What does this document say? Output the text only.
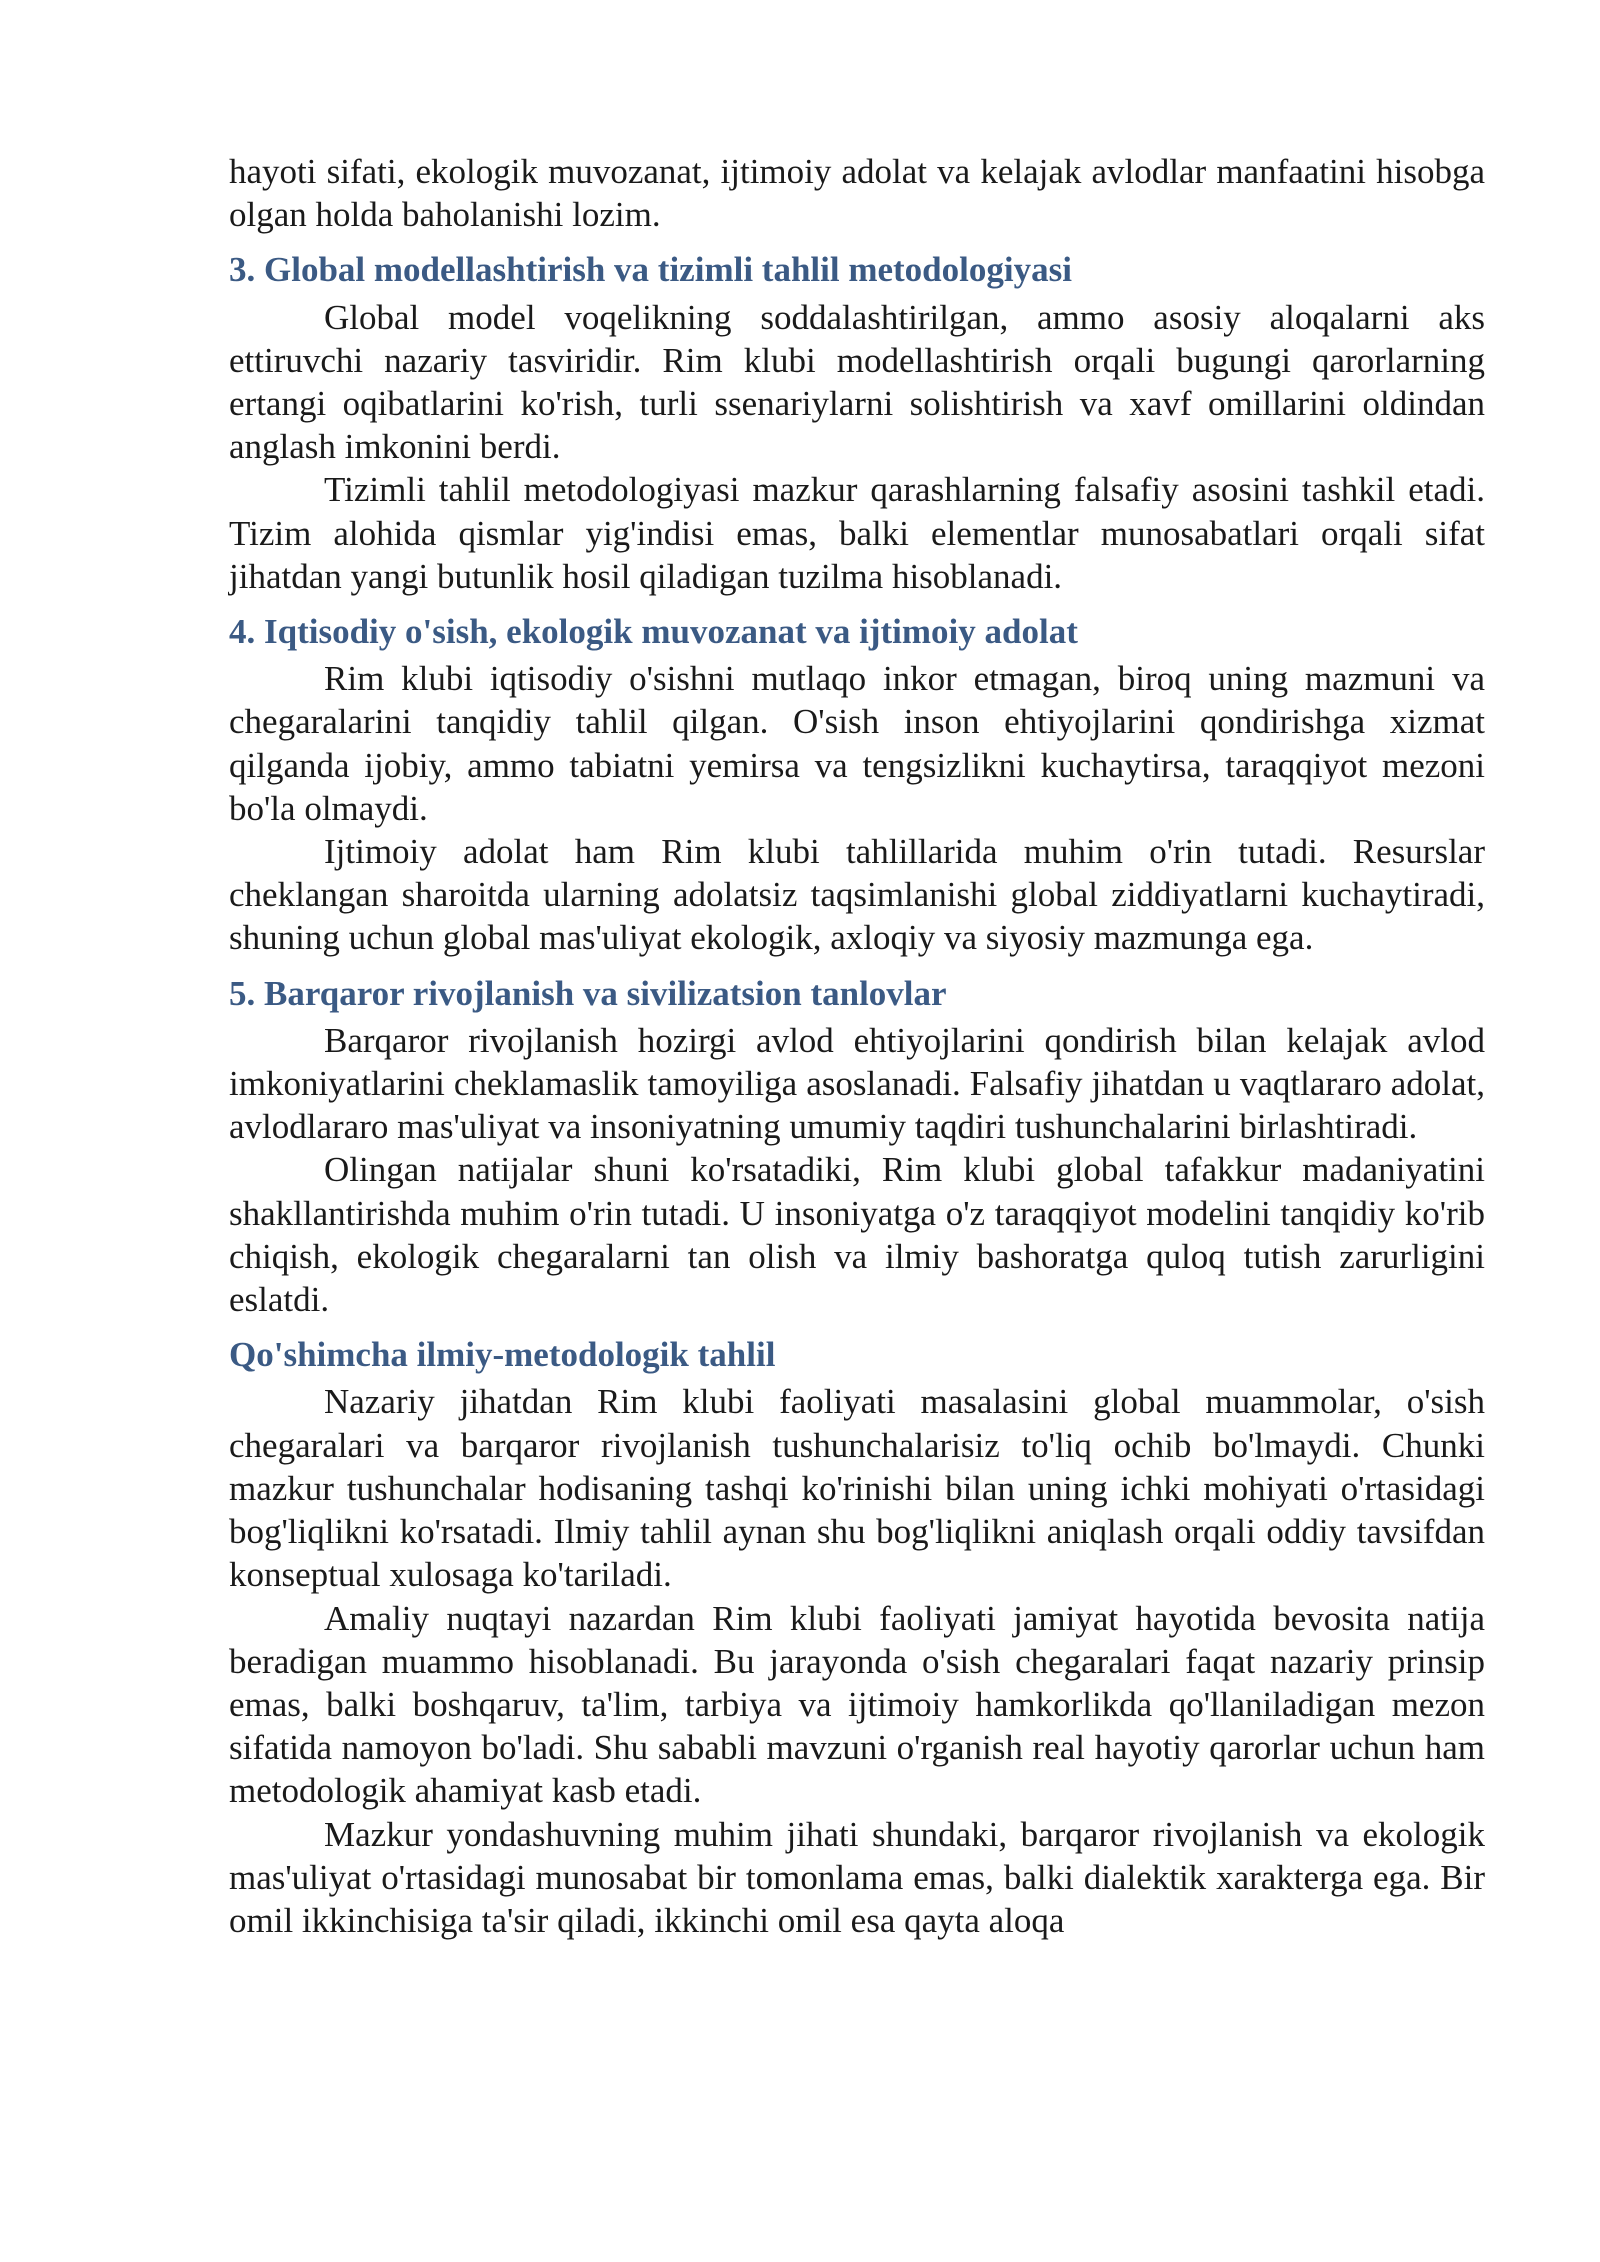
hayoti sifati, ekologik muvozanat, ijtimoiy adolat va kelajak avlodlar manfaatini hisobga olgan holda baholanishi lozim.

3. Global modellashtirish va tizimli tahlil metodologiyasi

Global model voqelikning soddalashtirilgan, ammo asosiy aloqalarni aks ettiruvchi nazariy tasviridir. Rim klubi modellashtirish orqali bugungi qarorlarning ertangi oqibatlarini ko'rish, turli ssenariylarni solishtirish va xavf omillarini oldindan anglash imkonini berdi.

Tizimli tahlil metodologiyasi mazkur qarashlarning falsafiy asosini tashkil etadi. Tizim alohida qismlar yig'indisi emas, balki elementlar munosabatlari orqali sifat jihatdan yangi butunlik hosil qiladigan tuzilma hisoblanadi.

4. Iqtisodiy o'sish, ekologik muvozanat va ijtimoiy adolat

Rim klubi iqtisodiy o'sishni mutlaqo inkor etmagan, biroq uning mazmuni va chegaralarini tanqidiy tahlil qilgan. O'sish inson ehtiyojlarini qondirishga xizmat qilganda ijobiy, ammo tabiatni yemirsa va tengsizlikni kuchaytirsa, taraqqiyot mezoni bo'la olmaydi.

Ijtimoiy adolat ham Rim klubi tahlillarida muhim o'rin tutadi. Resurslar cheklangan sharoitda ularning adolatsiz taqsimlanishi global ziddiyatlarni kuchaytiradi, shuning uchun global mas'uliyat ekologik, axloqiy va siyosiy mazmunga ega.

5. Barqaror rivojlanish va sivilizatsion tanlovlar

Barqaror rivojlanish hozirgi avlod ehtiyojlarini qondirish bilan kelajak avlod imkoniyatlarini cheklamaslik tamoyiliga asoslanadi. Falsafiy jihatdan u vaqtlararo adolat, avlodlararo mas'uliyat va insoniyatning umumiy taqdiri tushunchalarini birlashtiradi.

Olingan natijalar shuni ko'rsatadiki, Rim klubi global tafakkur madaniyatini shakllantirishda muhim o'rin tutadi. U insoniyatga o'z taraqqiyot modelini tanqidiy ko'rib chiqish, ekologik chegaralarni tan olish va ilmiy bashoratga quloq tutish zarurligini eslatdi.

Qo'shimcha ilmiy-metodologik tahlil

Nazariy jihatdan Rim klubi faoliyati masalasini global muammolar, o'sish chegaralari va barqaror rivojlanish tushunchalarisiz to'liq ochib bo'lmaydi. Chunki mazkur tushunchalar hodisaning tashqi ko'rinishi bilan uning ichki mohiyati o'rtasidagi bog'liqlikni ko'rsatadi. Ilmiy tahlil aynan shu bog'liqlikni aniqlash orqali oddiy tavsifdan konseptual xulosaga ko'tariladi.

Amaliy nuqtayi nazardan Rim klubi faoliyati jamiyat hayotida bevosita natija beradigan muammo hisoblanadi. Bu jarayonda o'sish chegaralari faqat nazariy prinsip emas, balki boshqaruv, ta'lim, tarbiya va ijtimoiy hamkorlikda qo'llaniladigan mezon sifatida namoyon bo'ladi. Shu sababli mavzuni o'rganish real hayotiy qarorlar uchun ham metodologik ahamiyat kasb etadi.

Mazkur yondashuvning muhim jihati shundaki, barqaror rivojlanish va ekologik mas'uliyat o'rtasidagi munosabat bir tomonlama emas, balki dialektik xarakterga ega. Bir omil ikkinchisiga ta'sir qiladi, ikkinchi omil esa qayta aloqa
